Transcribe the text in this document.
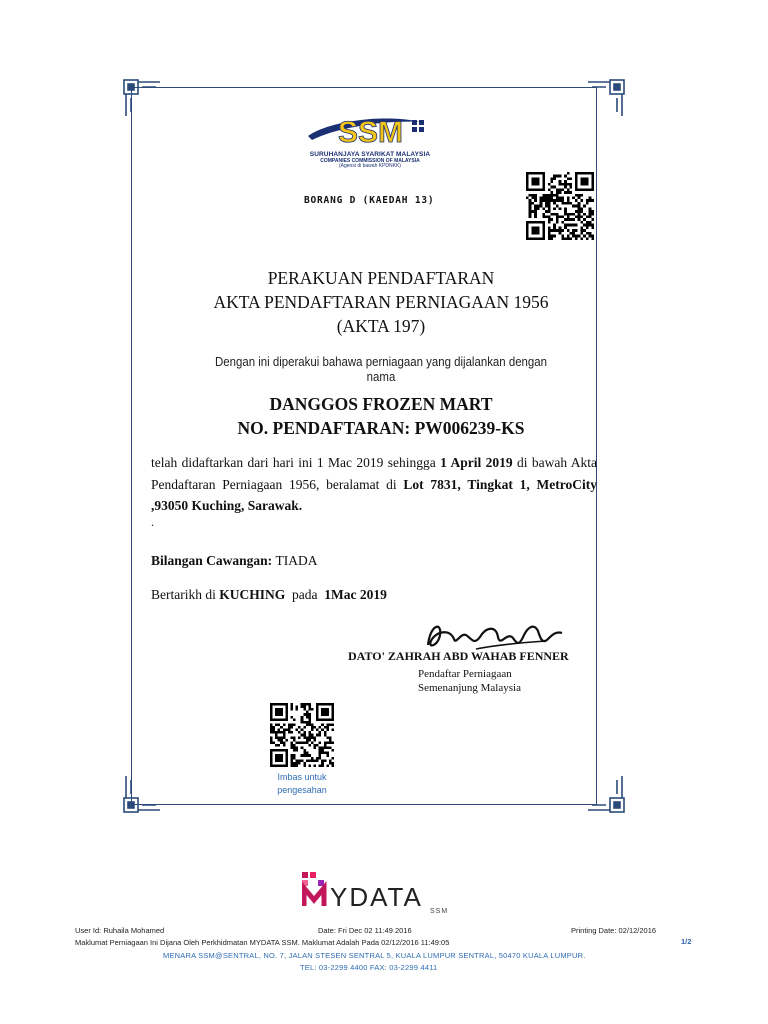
SSM
SURUHANJAYA SYARIKAT MALAYSIA
COMPANIES COMMISSION OF MALAYSIA
(Agensi di bawah KPDNKK)
BORANG D (KAEDAH 13)
PERAKUAN PENDAFTARAN
AKTA PENDAFTARAN PERNIAGAAN 1956
(AKTA 197)
Dengan ini diperakui bahawa perniagaan yang dijalankan dengan nama
DANGGOS FROZEN MART
NO. PENDAFTARAN: PW006239-KS
telah didaftarkan dari hari ini 1 Mac 2019 sehingga 1 April 2019 di bawah Akta Pendaftaran Perniagaan 1956, beralamat di Lot 7831, Tingkat 1, MetroCity ,93050 Kuching, Sarawak.
.
Bilangan Cawangan: TIADA
Bertarikh di KUCHING  pada  1Mac 2019
DATO' ZAHRAH ABD WAHAB FENNER
Pendaftar Perniagaan
Semenanjung Malaysia
Imbas untuk
pengesahan
YDATA SSM
User Id: Ruhaila Mohamed	Date: Fri Dec 02 11:49 2016	Printing Date: 02/12/2016
Maklumat Perniagaan Ini Dijana Oleh Perkhidmatan MYDATA SSM. Maklumat Adalah Pada 02/12/2016 11:49:05	1/2
MENARA SSM@SENTRAL, NO. 7, JALAN STESEN SENTRAL 5, KUALA LUMPUR SENTRAL, 50470 KUALA LUMPUR.
TEL: 03-2299 4400 FAX: 03-2299 4411
